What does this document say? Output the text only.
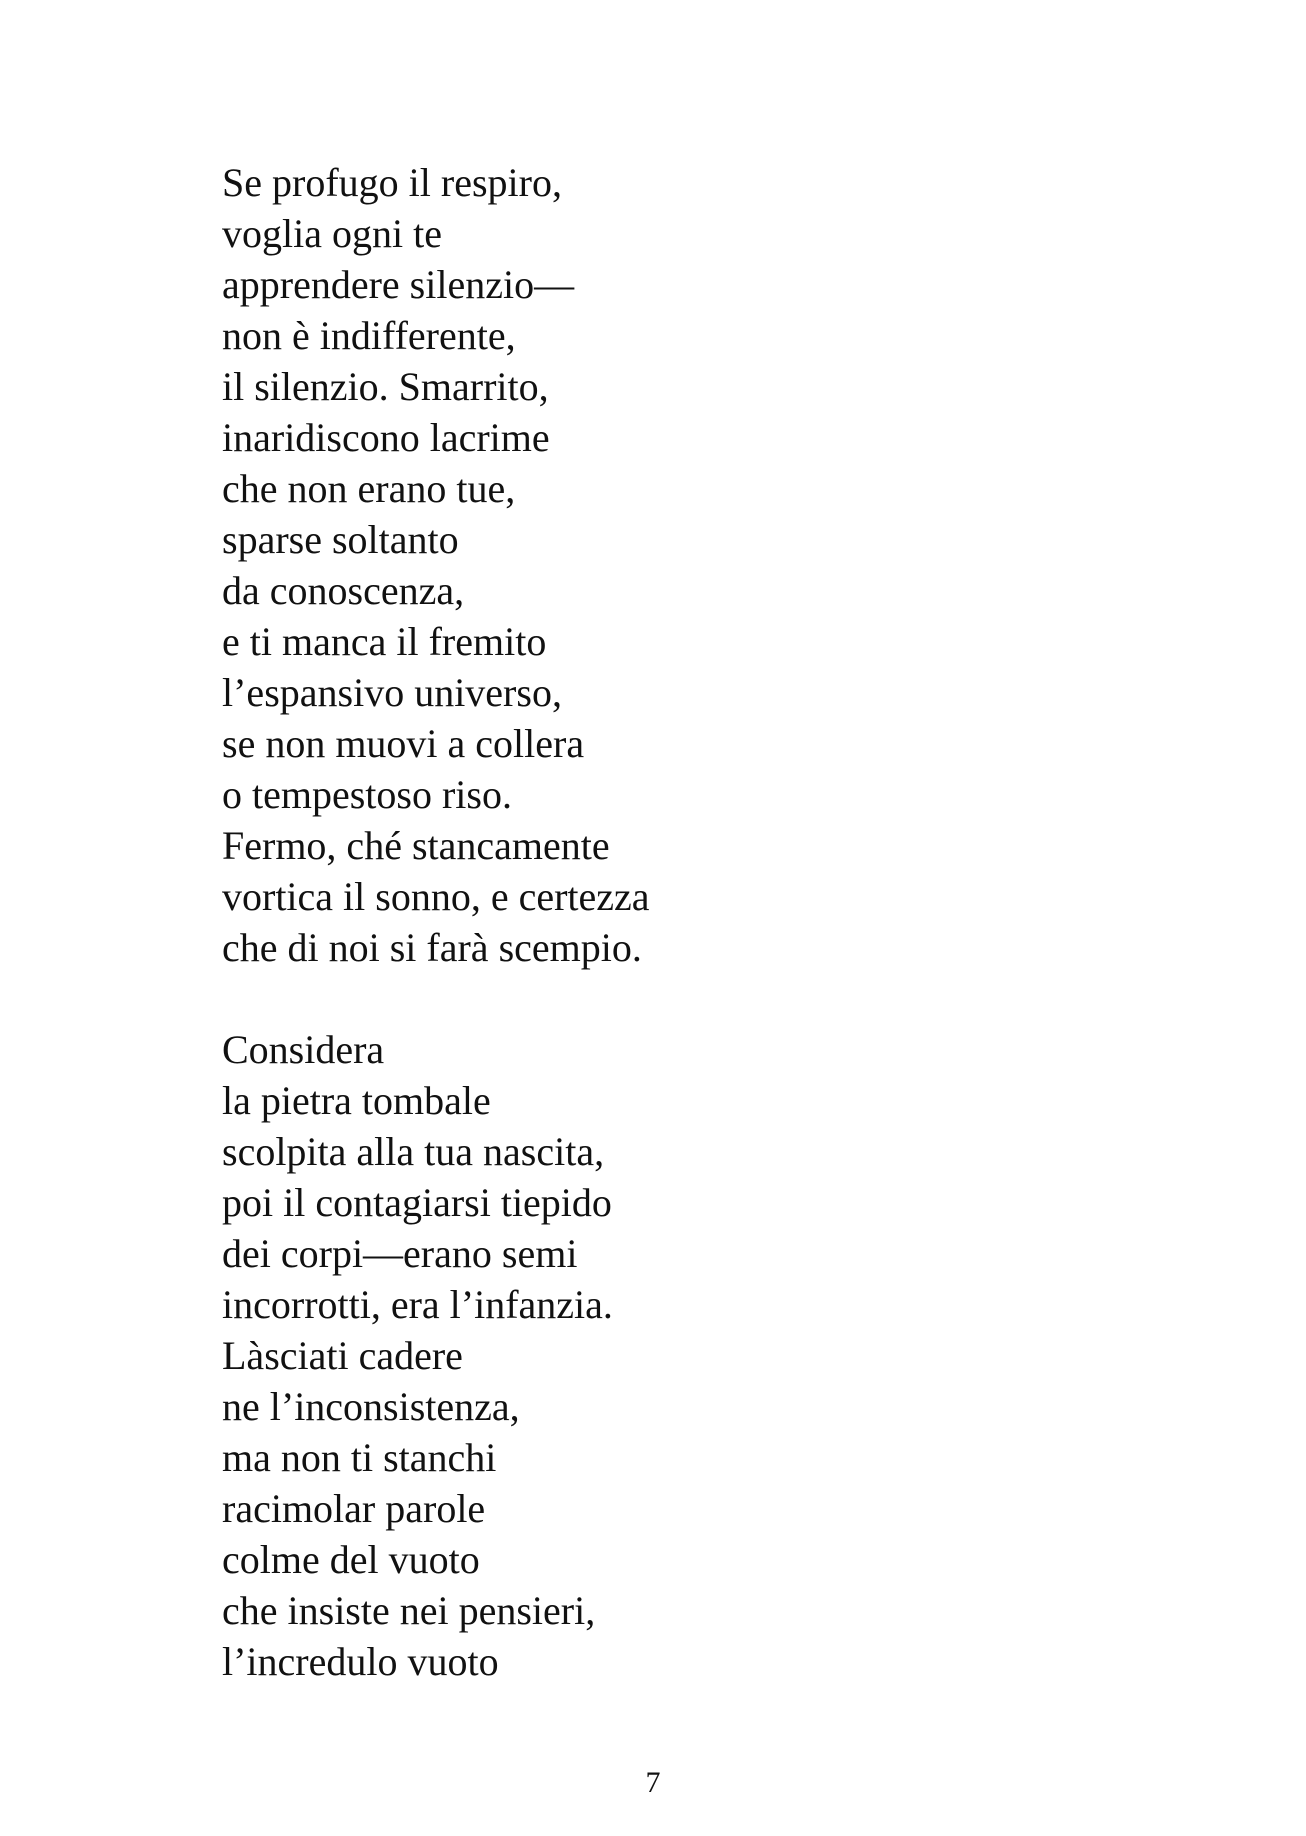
Se profugo il respiro,
voglia ogni te
apprendere silenzio—
non è indifferente,
il silenzio. Smarrito,
inaridiscono lacrime
che non erano tue,
sparse soltanto
da conoscenza,
e ti manca il fremito
l’espansivo universo,
se non muovi a collera
o tempestoso riso.
Fermo, ché stancamente
vortica il sonno, e certezza
che di noi si farà scempio.

Considera
la pietra tombale
scolpita alla tua nascita,
poi il contagiarsi tiepido
dei corpi—erano semi
incorrotti, era l’infanzia.
Làsciati cadere
ne l’inconsistenza,
ma non ti stanchi
racimolar parole
colme del vuoto
che insiste nei pensieri,
l’incredulo vuoto

7
